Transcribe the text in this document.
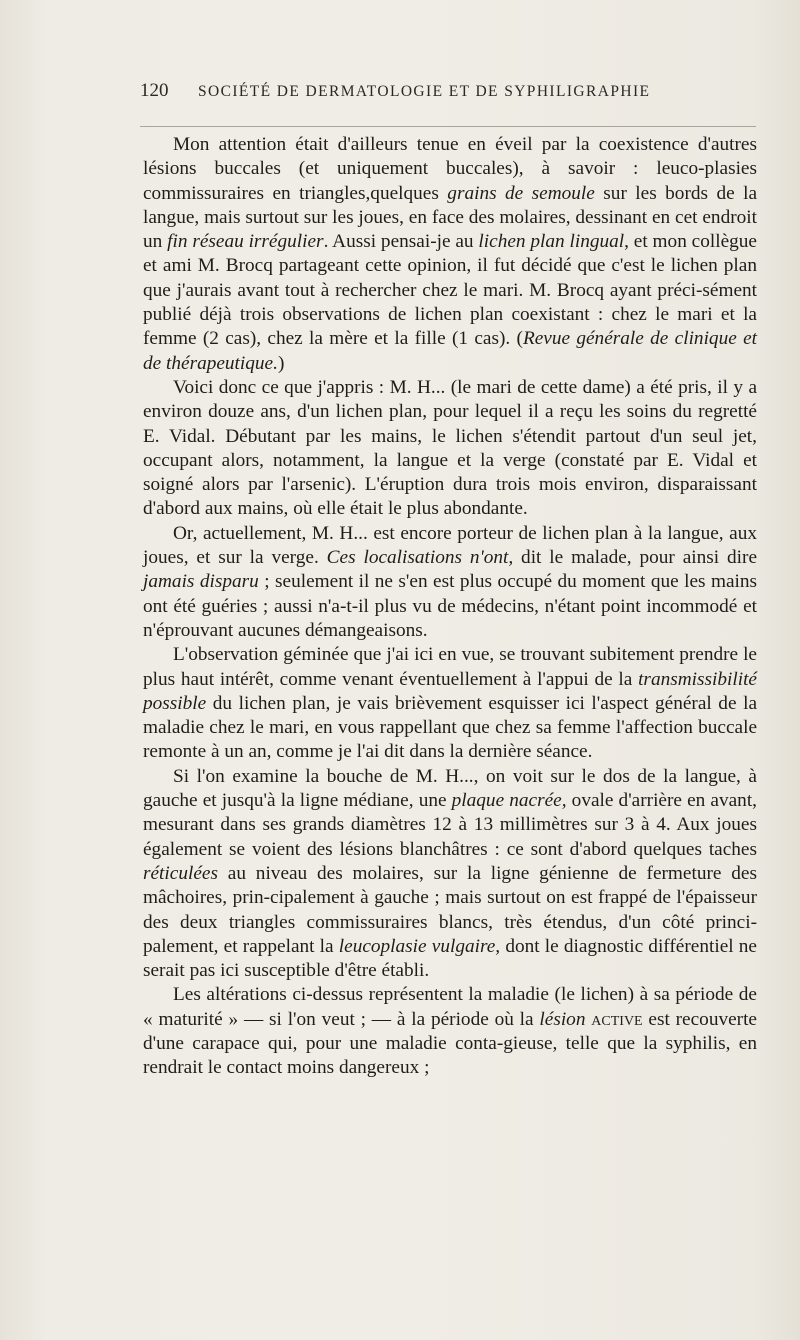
120	SOCIÉTÉ DE DERMATOLOGIE ET DE SYPHILIGRAPHIE

Mon attention était d'ailleurs tenue en éveil par la coexistence d'autres lésions buccales (et uniquement buccales), à savoir : leuco-plasies commissuraires en triangles,quelques grains de semoule sur les bords de la langue, mais surtout sur les joues, en face des molaires, dessinant en cet endroit un fin réseau irrégulier. Aussi pensai-je au lichen plan lingual, et mon collègue et ami M. Brocq partageant cette opinion, il fut décidé que c'est le lichen plan que j'aurais avant tout à rechercher chez le mari. M. Brocq ayant préci-sément publié déjà trois observations de lichen plan coexistant : chez le mari et la femme (2 cas), chez la mère et la fille (1 cas). (Revue générale de clinique et de thérapeutique.)

Voici donc ce que j'appris : M. H... (le mari de cette dame) a été pris, il y a environ douze ans, d'un lichen plan, pour lequel il a reçu les soins du regretté E. Vidal. Débutant par les mains, le lichen s'étendit partout d'un seul jet, occupant alors, notamment, la langue et la verge (constaté par E. Vidal et soigné alors par l'arsenic). L'éruption dura trois mois environ, disparaissant d'abord aux mains, où elle était le plus abondante.

Or, actuellement, M. H... est encore porteur de lichen plan à la langue, aux joues, et sur la verge. Ces localisations n'ont, dit le malade, pour ainsi dire jamais disparu ; seulement il ne s'en est plus occupé du moment que les mains ont été guéries ; aussi n'a-t-il plus vu de médecins, n'étant point incommodé et n'éprouvant aucunes démangeaisons.

L'observation géminée que j'ai ici en vue, se trouvant subitement prendre le plus haut intérêt, comme venant éventuellement à l'appui de la transmissibilité possible du lichen plan, je vais brièvement esquisser ici l'aspect général de la maladie chez le mari, en vous rappellant que chez sa femme l'affection buccale remonte à un an, comme je l'ai dit dans la dernière séance.

Si l'on examine la bouche de M. H..., on voit sur le dos de la langue, à gauche et jusqu'à la ligne médiane, une plaque nacrée, ovale d'arrière en avant, mesurant dans ses grands diamètres 12 à 13 millimètres sur 3 à 4. Aux joues également se voient des lésions blanchâtres : ce sont d'abord quelques taches réticulées au niveau des molaires, sur la ligne génienne de fermeture des mâchoires, prin-cipalement à gauche ; mais surtout on est frappé de l'épaisseur des deux triangles commissuraires blancs, très étendus, d'un côté princi-palement, et rappelant la leucoplasie vulgaire, dont le diagnostic différentiel ne serait pas ici susceptible d'être établi.

Les altérations ci-dessus représentent la maladie (le lichen) à sa période de « maturité » — si l'on veut ; — à la période où la lésion active est recouverte d'une carapace qui, pour une maladie conta-gieuse, telle que la syphilis, en rendrait le contact moins dangereux ;
